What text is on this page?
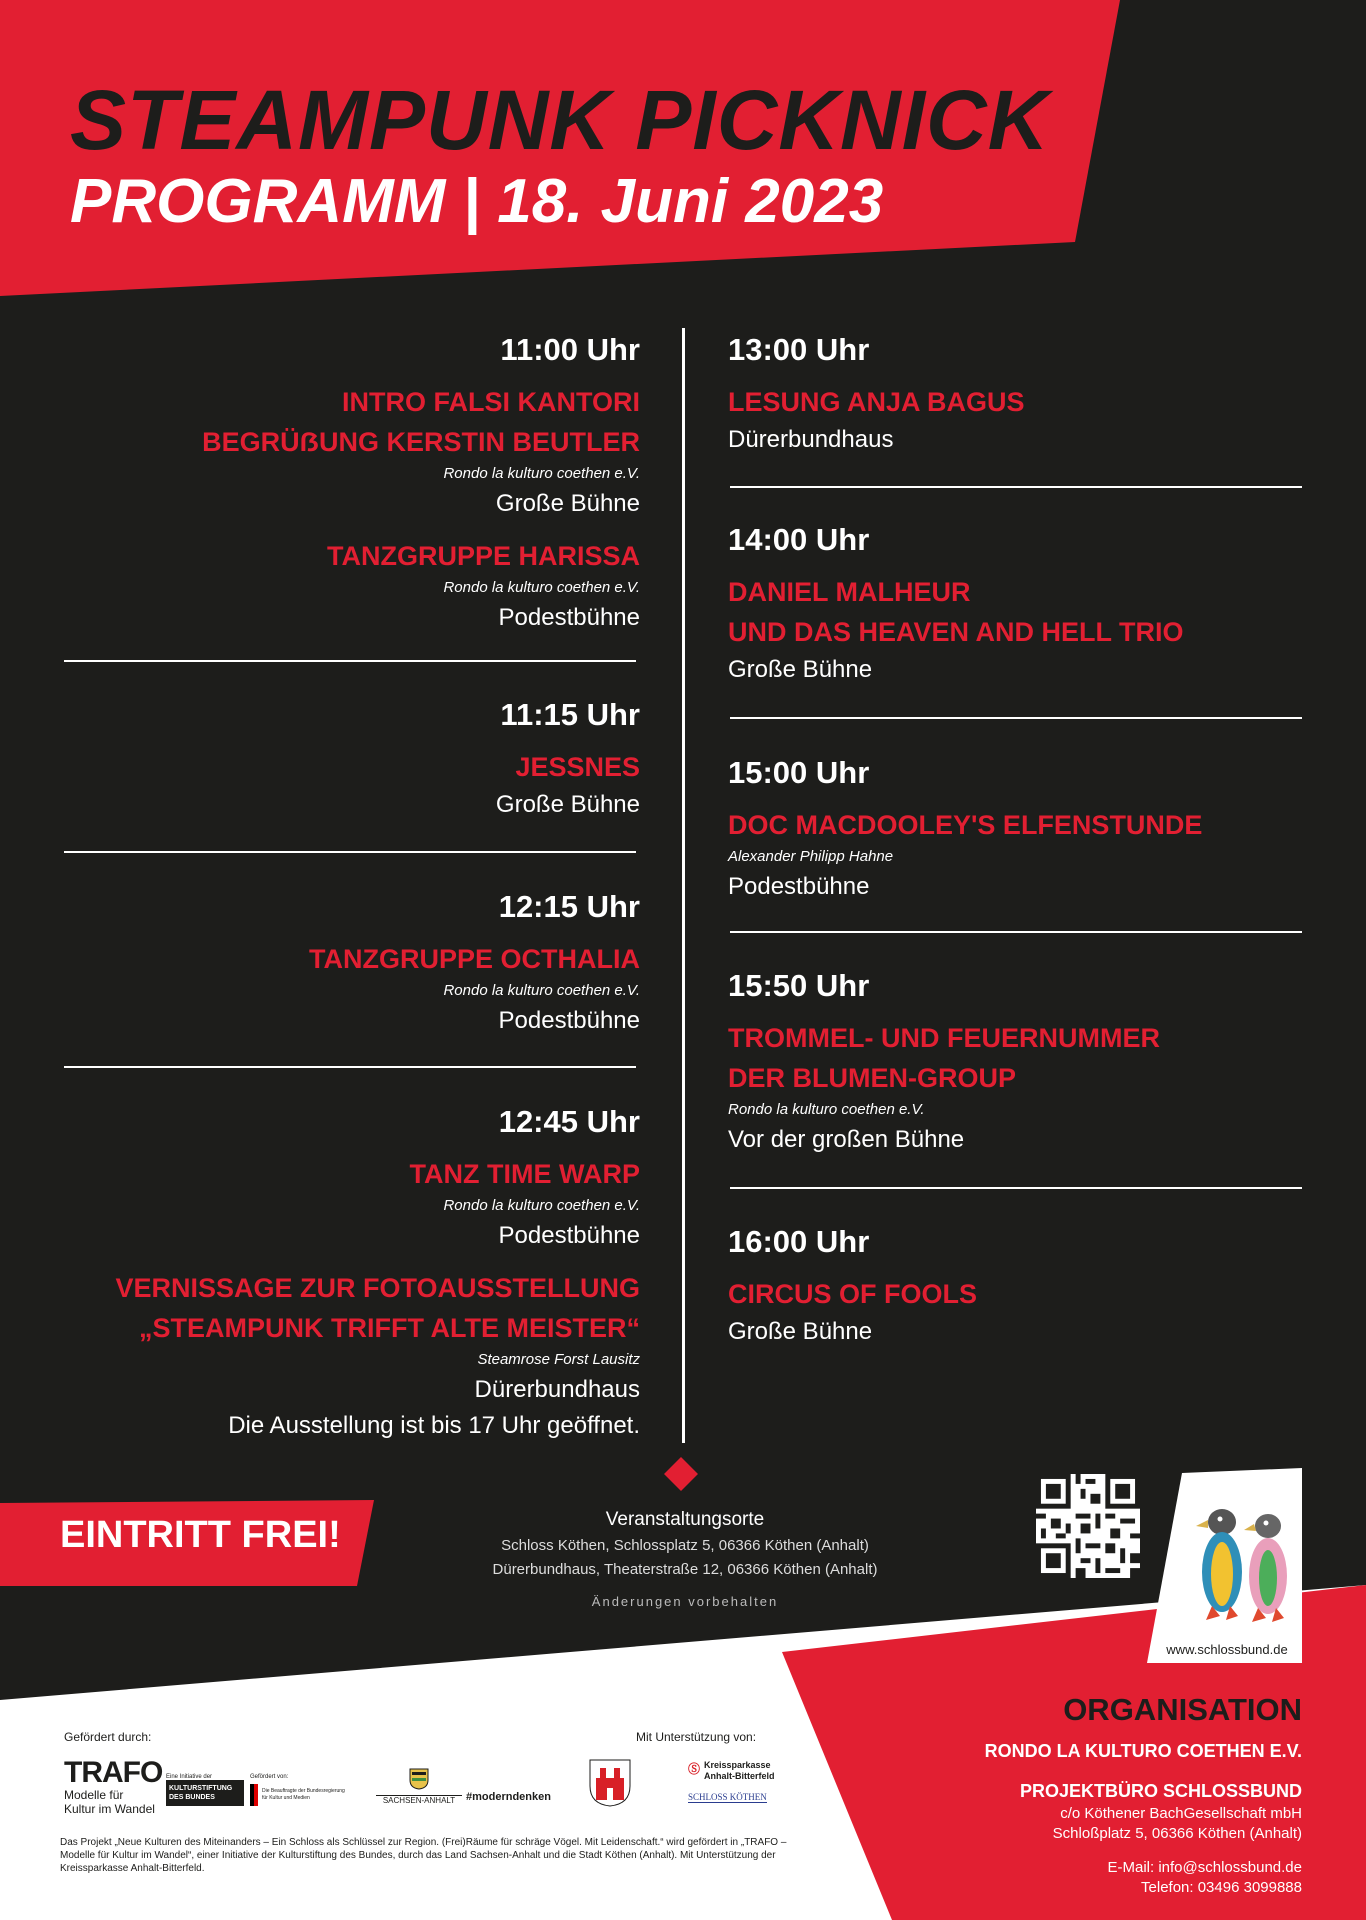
STEAMPUNK PICKNICK
PROGRAMM | 18. Juni 2023
11:00 Uhr
INTRO FALSI KANTORI
BEGRÜẞUNG KERSTIN BEUTLER
Rondo la kulturo coethen e.V.
Große Bühne
TANZGRUPPE HARISSA
Rondo la kulturo coethen e.V.
Podestbühne
11:15 Uhr
JESSNES
Große Bühne
12:15 Uhr
TANZGRUPPE OCTHALIA
Rondo la kulturo coethen e.V.
Podestbühne
12:45 Uhr
TANZ TIME WARP
Rondo la kulturo coethen e.V.
Podestbühne
VERNISSAGE ZUR FOTOAUSSTELLUNG
„STEAMPUNK TRIFFT ALTE MEISTER“
Steamrose Forst Lausitz
Dürerbundhaus
Die Ausstellung ist bis 17 Uhr geöffnet.
13:00 Uhr
LESUNG ANJA BAGUS
Dürerbundhaus
14:00 Uhr
DANIEL MALHEUR
UND DAS HEAVEN AND HELL TRIO
Große Bühne
15:00 Uhr
DOC MACDOOLEY'S ELFENSTUNDE
Alexander Philipp Hahne
Podestbühne
15:50 Uhr
TROMMEL- UND FEUERNUMMER
DER BLUMEN-GROUP
Rondo la kulturo coethen e.V.
Vor der großen Bühne
16:00 Uhr
CIRCUS OF FOOLS
Große Bühne
EINTRITT FREI!	Veranstaltungsorte
Schloss Köthen, Schlossplatz 5, 06366 Köthen (Anhalt)
Dürerbundhaus, Theaterstraße 12, 06366 Köthen (Anhalt)
Änderungen vorbehalten
www.schlossbund.de
ORGANISATION
RONDO LA KULTURO COETHEN E.V.
PROJEKTBÜRO SCHLOSSBUND
c/o Köthener BachGesellschaft mbH
Schloßplatz 5, 06366 Köthen (Anhalt)
E-Mail: info@schlossbund.de
Telefon: 03496 3099888
Gefördert durch:	Mit Unterstützung von:
TRAFO
Modelle für
Kultur im Wandel
Eine Initiative der
KULTURSTIFTUNG DES BUNDES
Gefördert von:
Die Beauftragte der Bundesregierung für Kultur und Medien	SACHSEN-ANHALT #moderndenken
Ⓢ Kreissparkasse Anhalt-Bitterfeld
SCHLOSS KÖTHEN
Das Projekt „Neue Kulturen des Miteinanders – Ein Schloss als Schlüssel zur Region. (Frei)Räume für schräge Vögel. Mit Leidenschaft.“ wird gefördert in „TRAFO – Modelle für Kultur im Wandel“, einer Initiative der Kulturstiftung des Bundes, durch das Land Sachsen-Anhalt und die Stadt Köthen (Anhalt). Mit Unterstützung der Kreissparkasse Anhalt-Bitterfeld.
